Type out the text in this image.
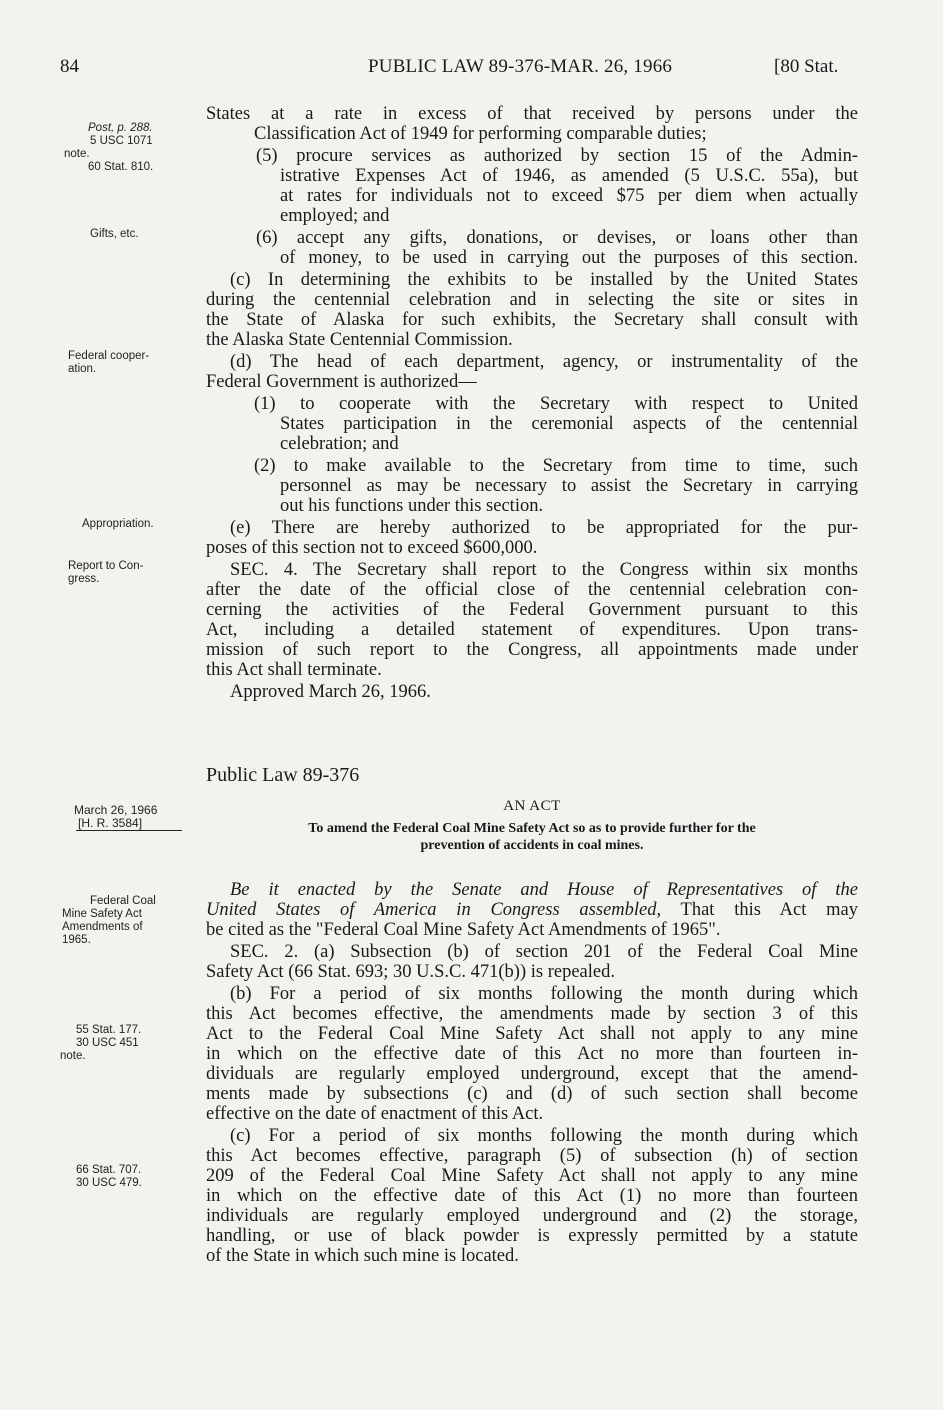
84	PUBLIC LAW 89-376-MAR. 26, 1966	[80 Stat.
Post, p. 288.
5 USC 1071
note.
60 Stat. 810.
Gifts, etc.
Federal cooper-
ation.
Appropriation.
Report to Con-
gress.
March 26, 1966
[H. R. 3584]
Federal Coal
Mine Safety Act
Amendments of
1965.
55 Stat. 177.
30 USC 451
note.
66 Stat. 707.
30 USC 479.
States at a rate in excess of that received by persons under the
Classification Act of 1949 for performing comparable duties;
(5) procure services as authorized by section 15 of the Admin-
istrative Expenses Act of 1946, as amended (5 U.S.C. 55a), but
at rates for individuals not to exceed $75 per diem when actually
employed; and
(6) accept any gifts, donations, or devises, or loans other than
of money, to be used in carrying out the purposes of this section.
(c) In determining the exhibits to be installed by the United States
during the centennial celebration and in selecting the site or sites in
the State of Alaska for such exhibits, the Secretary shall consult with
the Alaska State Centennial Commission.
(d) The head of each department, agency, or instrumentality of the
Federal Government is authorized—
(1) to cooperate with the Secretary with respect to United
States participation in the ceremonial aspects of the centennial
celebration; and
(2) to make available to the Secretary from time to time, such
personnel as may be necessary to assist the Secretary in carrying
out his functions under this section.
(e) There are hereby authorized to be appropriated for the pur-
poses of this section not to exceed $600,000.
SEC. 4. The Secretary shall report to the Congress within six months
after the date of the official close of the centennial celebration con-
cerning the activities of the Federal Government pursuant to this
Act, including a detailed statement of expenditures. Upon trans-
mission of such report to the Congress, all appointments made under
this Act shall terminate.
Approved March 26, 1966.
Public Law 89-376
AN ACT
To amend the Federal Coal Mine Safety Act so as to provide further for the
prevention of accidents in coal mines.
Be it enacted by the Senate and House of Representatives of the
United States of America in Congress assembled, That this Act may
be cited as the "Federal Coal Mine Safety Act Amendments of 1965".
SEC. 2. (a) Subsection (b) of section 201 of the Federal Coal Mine
Safety Act (66 Stat. 693; 30 U.S.C. 471(b)) is repealed.
(b) For a period of six months following the month during which
this Act becomes effective, the amendments made by section 3 of this
Act to the Federal Coal Mine Safety Act shall not apply to any mine
in which on the effective date of this Act no more than fourteen in-
dividuals are regularly employed underground, except that the amend-
ments made by subsections (c) and (d) of such section shall become
effective on the date of enactment of this Act.
(c) For a period of six months following the month during which
this Act becomes effective, paragraph (5) of subsection (h) of section
209 of the Federal Coal Mine Safety Act shall not apply to any mine
in which on the effective date of this Act (1) no more than fourteen
individuals are regularly employed underground and (2) the storage,
handling, or use of black powder is expressly permitted by a statute
of the State in which such mine is located.
